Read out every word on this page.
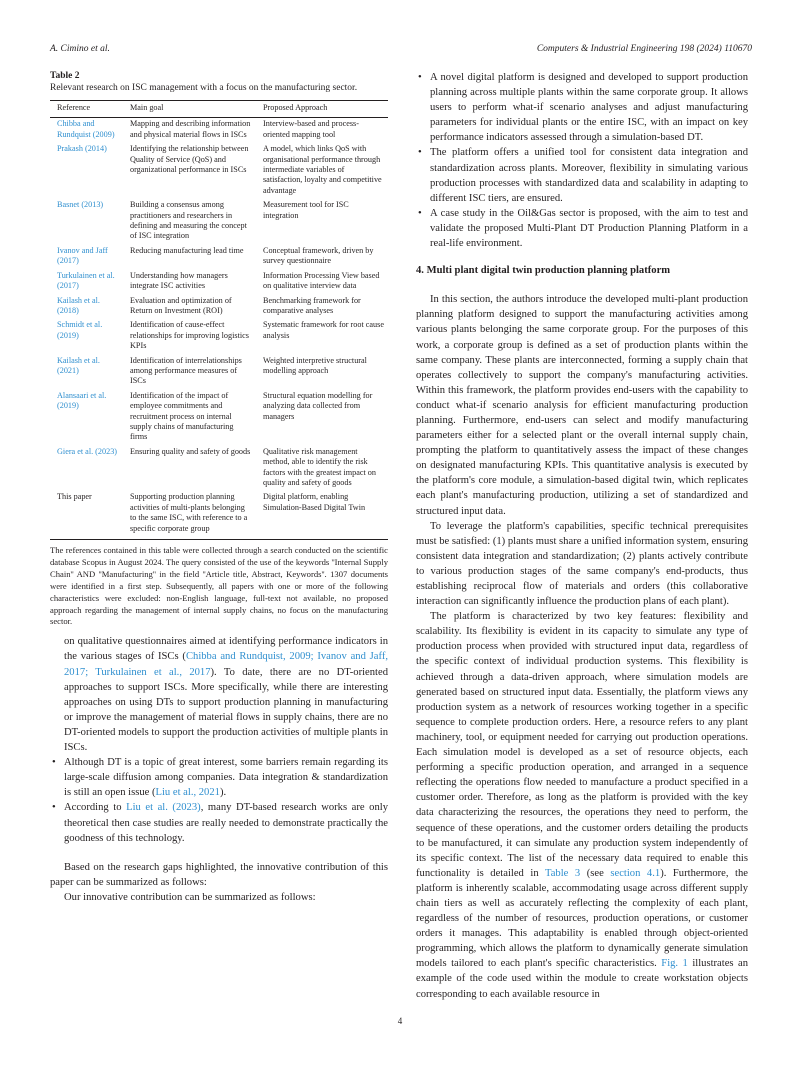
A. Cimino et al.	Computers & Industrial Engineering 198 (2024) 110670
Table 2
Relevant research on ISC management with a focus on the manufacturing sector.
Reference	Main goal	Proposed Approach
Chibba and Rundquist (2009)	Mapping and describing information and physical material flows in ISCs	Interview-based and process-oriented mapping tool
Prakash (2014)	Identifying the relationship between Quality of Service (QoS) and organizational performance in ISCs	A model, which links QoS with organisational performance through intermediate variables of satisfaction, loyalty and competitive advantage
Basnet (2013)	Building a consensus among practitioners and researchers in defining and measuring the concept of ISC integration	Measurement tool for ISC integration
Ivanov and Jaff (2017)	Reducing manufacturing lead time	Conceptual framework, driven by survey questionnaire
Turkulainen et al. (2017)	Understanding how managers integrate ISC activities	Information Processing View based on qualitative interview data
Kailash et al. (2018)	Evaluation and optimization of Return on Investment (ROI)	Benchmarking framework for comparative analyses
Schmidt et al. (2019)	Identification of cause-effect relationships for improving logistics KPIs	Systematic framework for root cause analysis
Kailash et al. (2021)	Identification of interrelationships among performance measures of ISCs	Weighted interpretive structural modelling approach
Alansaari et al. (2019)	Identification of the impact of employee commitments and recruitment process on internal supply chains of manufacturing firms	Structural equation modelling for analyzing data collected from managers
Giera et al. (2023)	Ensuring quality and safety of goods	Qualitative risk management method, able to identify the risk factors with the greatest impact on quality and safety of goods
This paper	Supporting production planning activities of multi-plants belonging to the same ISC, with reference to a specific corporate group	Digital platform, enabling Simulation-Based Digital Twin
The references contained in this table were collected through a search conducted on the scientific database Scopus in August 2024. The query consisted of the use of the keywords ''Internal Supply Chain'' AND ''Manufacturing'' in the field ''Article title, Abstract, Keywords''. 1307 documents were identified in a first step. Subsequently, all papers with one or more of the following characteristics were excluded: non-English language, full-text not available, no proposed approach regarding the management of internal supply chains, no focus on the manufacturing sector.

on qualitative questionnaires aimed at identifying performance indicators in the various stages of ISCs (Chibba and Rundquist, 2009; Ivanov and Jaff, 2017; Turkulainen et al., 2017). To date, there are no DT-oriented approaches to support ISCs. More specifically, while there are interesting approaches on using DTs to support production planning in manufacturing or improve the management of material flows in supply chains, there are no DT-oriented models to support the production activities of multiple plants in ISCs.

• Although DT is a topic of great interest, some barriers remain regarding its large-scale diffusion among companies. Data integration & standardization is still an open issue (Liu et al., 2021).
• According to Liu et al. (2023), many DT-based research works are only theoretical then case studies are really needed to demonstrate practically the goodness of this technology.

Based on the research gaps highlighted, the innovative contribution of this paper can be summarized as follows:

Our innovative contribution can be summarized as follows:

• A novel digital platform is designed and developed to support production planning across multiple plants within the same corporate group. It allows users to perform what-if scenario analyses and adjust manufacturing parameters for individual plants or the entire ISC, with an impact on key performance indicators assessed through a simulation-based DT.
• The platform offers a unified tool for consistent data integration and standardization across plants. Moreover, flexibility in simulating various production processes with standardized data and scalability in adapting to different ISC tiers, are ensured.
• A case study in the Oil&Gas sector is proposed, with the aim to test and validate the proposed Multi-Plant DT Production Planning Platform in a real-life environment.
4. Multi plant digital twin production planning platform

In this section, the authors introduce the developed multi-plant production planning platform designed to support the manufacturing activities among various plants belonging the same corporate group. For the purposes of this work, a corporate group is defined as a set of production plants within the same company. These plants are interconnected, forming a supply chain that operates collectively to support the company's manufacturing activities. Within this framework, the platform provides end-users with the capability to conduct what-if scenario analysis for efficient manufacturing production planning. Furthermore, end-users can select and modify manufacturing parameters either for a selected plant or the overall internal supply chain, prompting the platform to quantitatively assess the impact of these changes on designated manufacturing KPIs. This quantitative analysis is executed by the platform's core module, a simulation-based digital twin, which replicates each plant's manufacturing production, utilizing a set of standardized and structured input data.

To leverage the platform's capabilities, specific technical prerequisites must be satisfied: (1) plants must share a unified information system, ensuring consistent data integration and standardization; (2) plants actively contribute to various production stages of the same company's end-products, thus establishing reciprocal flow of materials and orders (this collaborative interaction can significantly influence the production plans of each plant).

The platform is characterized by two key features: flexibility and scalability. Its flexibility is evident in its capacity to simulate any type of production process when provided with structured input data, regardless of the specific context of individual production systems. This flexibility is achieved through a data-driven approach, where simulation models are generated based on structured input data. Essentially, the platform views any production system as a network of resources working together in a specific sequence to complete production orders. Here, a resource refers to any plant machinery, tool, or equipment needed for carrying out production operations. Each simulation model is developed as a set of resource objects, each performing a specific production operation, and arranged in a sequence reflecting the operations flow needed to manufacture a product specified in a customer order. Therefore, as long as the platform is provided with the key data characterizing the resources, the operations they need to perform, the sequence of these operations, and the customer orders detailing the products to be manufactured, it can simulate any production system independently of its specific context. The list of the necessary data required to enable this functionality is detailed in Table 3 (see section 4.1). Furthermore, the platform is inherently scalable, accommodating usage across different supply chain tiers as well as accurately reflecting the complexity of each plant, regardless of the number of resources, production operations, or customer orders it manages. This adaptability is enabled through object-oriented programming, which allows the platform to dynamically generate simulation models tailored to each plant's specific characteristics. Fig. 1 illustrates an example of the code used within the module to create workstation objects corresponding to each available resource in

4
